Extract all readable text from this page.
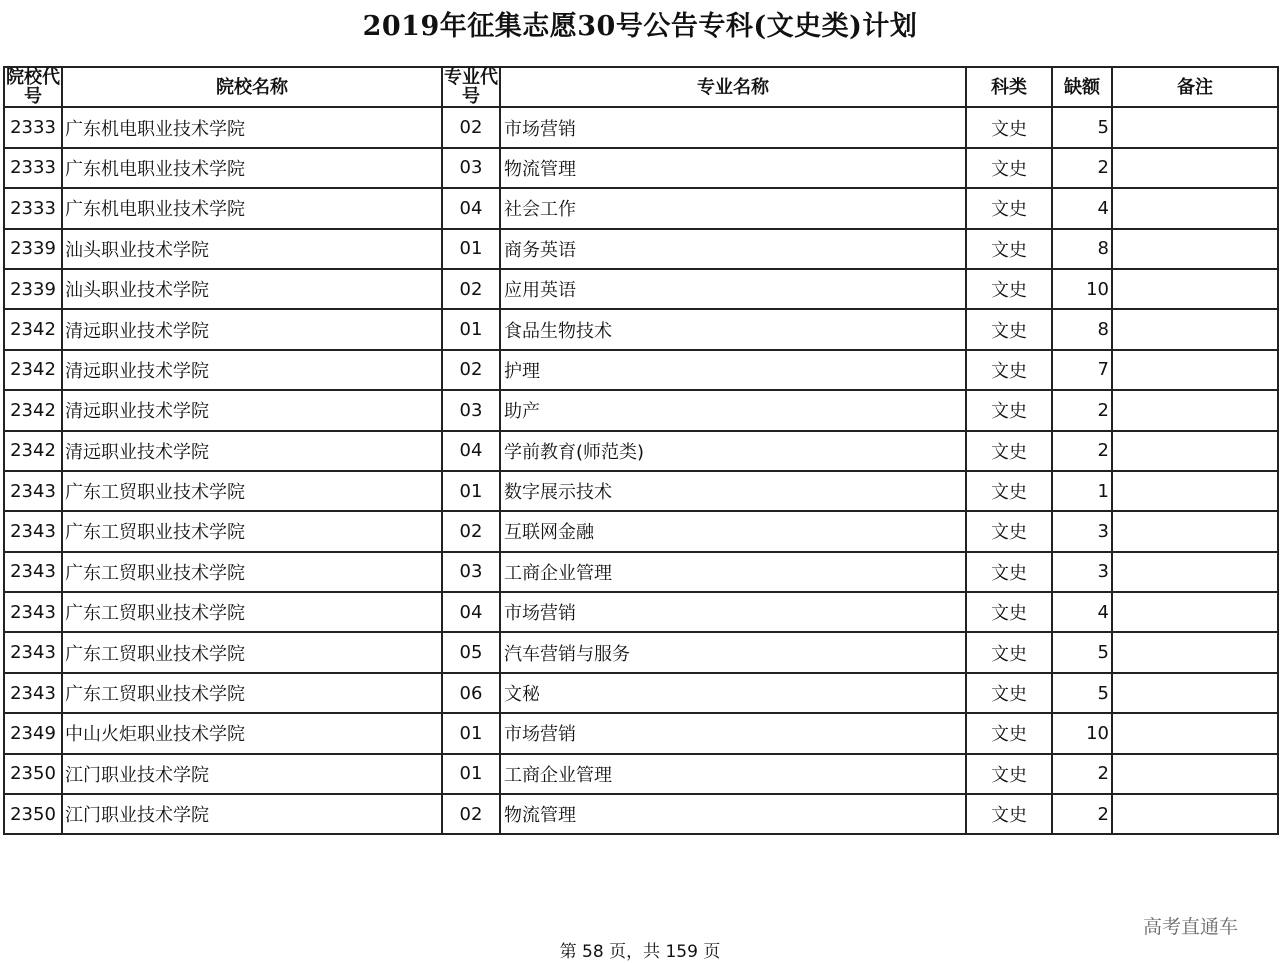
2019年征集志愿30号公告专科(文史类)计划
院校代号	院校名称	专业代号	专业名称	科类	缺额	备注
2333	广东机电职业技术学院	02	市场营销	文史	5	
2333	广东机电职业技术学院	03	物流管理	文史	2	
2333	广东机电职业技术学院	04	社会工作	文史	4	
2339	汕头职业技术学院	01	商务英语	文史	8	
2339	汕头职业技术学院	02	应用英语	文史	10	
2342	清远职业技术学院	01	食品生物技术	文史	8	
2342	清远职业技术学院	02	护理	文史	7	
2342	清远职业技术学院	03	助产	文史	2	
2342	清远职业技术学院	04	学前教育(师范类)	文史	2	
2343	广东工贸职业技术学院	01	数字展示技术	文史	1	
2343	广东工贸职业技术学院	02	互联网金融	文史	3	
2343	广东工贸职业技术学院	03	工商企业管理	文史	3	
2343	广东工贸职业技术学院	04	市场营销	文史	4	
2343	广东工贸职业技术学院	05	汽车营销与服务	文史	5	
2343	广东工贸职业技术学院	06	文秘	文史	5	
2349	中山火炬职业技术学院	01	市场营销	文史	10	
2350	江门职业技术学院	01	工商企业管理	文史	2	
2350	江门职业技术学院	02	物流管理	文史	2	
高考直通车
第 58 页，共 159 页
